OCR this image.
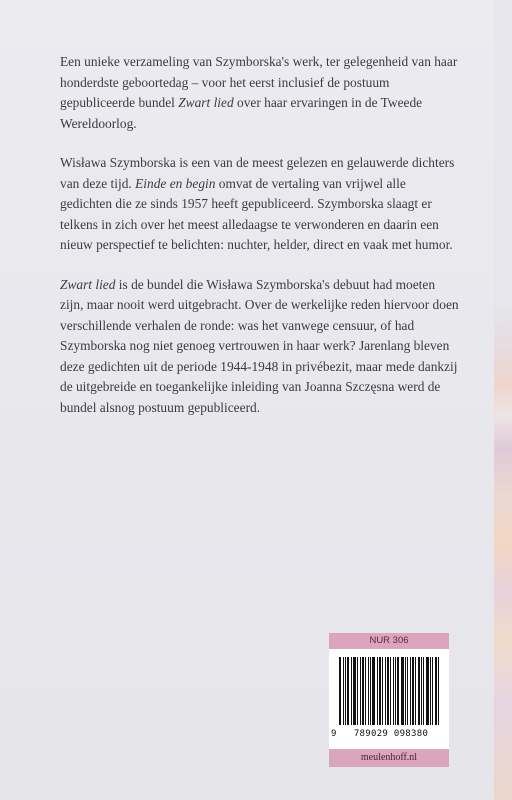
Een unieke verzameling van Szymborska's werk, ter gelegenheid van haar honderdste geboortedag – voor het eerst inclusief de postuum gepubliceerde bundel Zwart lied over haar ervaringen in de Tweede Wereldoorlog.

Wisława Szymborska is een van de meest gelezen en gelauwerde dichters van deze tijd. Einde en begin omvat de vertaling van vrijwel alle gedichten die ze sinds 1957 heeft gepubliceerd. Szymborska slaagt er telkens in zich over het meest alledaagse te verwonderen en daarin een nieuw perspectief te belichten: nuchter, helder, direct en vaak met humor.

Zwart lied is de bundel die Wisława Szymborska's debuut had moeten zijn, maar nooit werd uitgebracht. Over de werkelijke reden hiervoor doen verschillende verhalen de ronde: was het vanwege censuur, of had Szymborska nog niet genoeg vertrouwen in haar werk? Jarenlang bleven deze gedichten uit de periode 1944-1948 in privébezit, maar mede dankzij de uitgebreide en toegankelijke inleiding van Joanna Szczęsna werd de bundel alsnog postuum gepubliceerd.

NUR 306
9	789029 098380
meulenhoff.nl
